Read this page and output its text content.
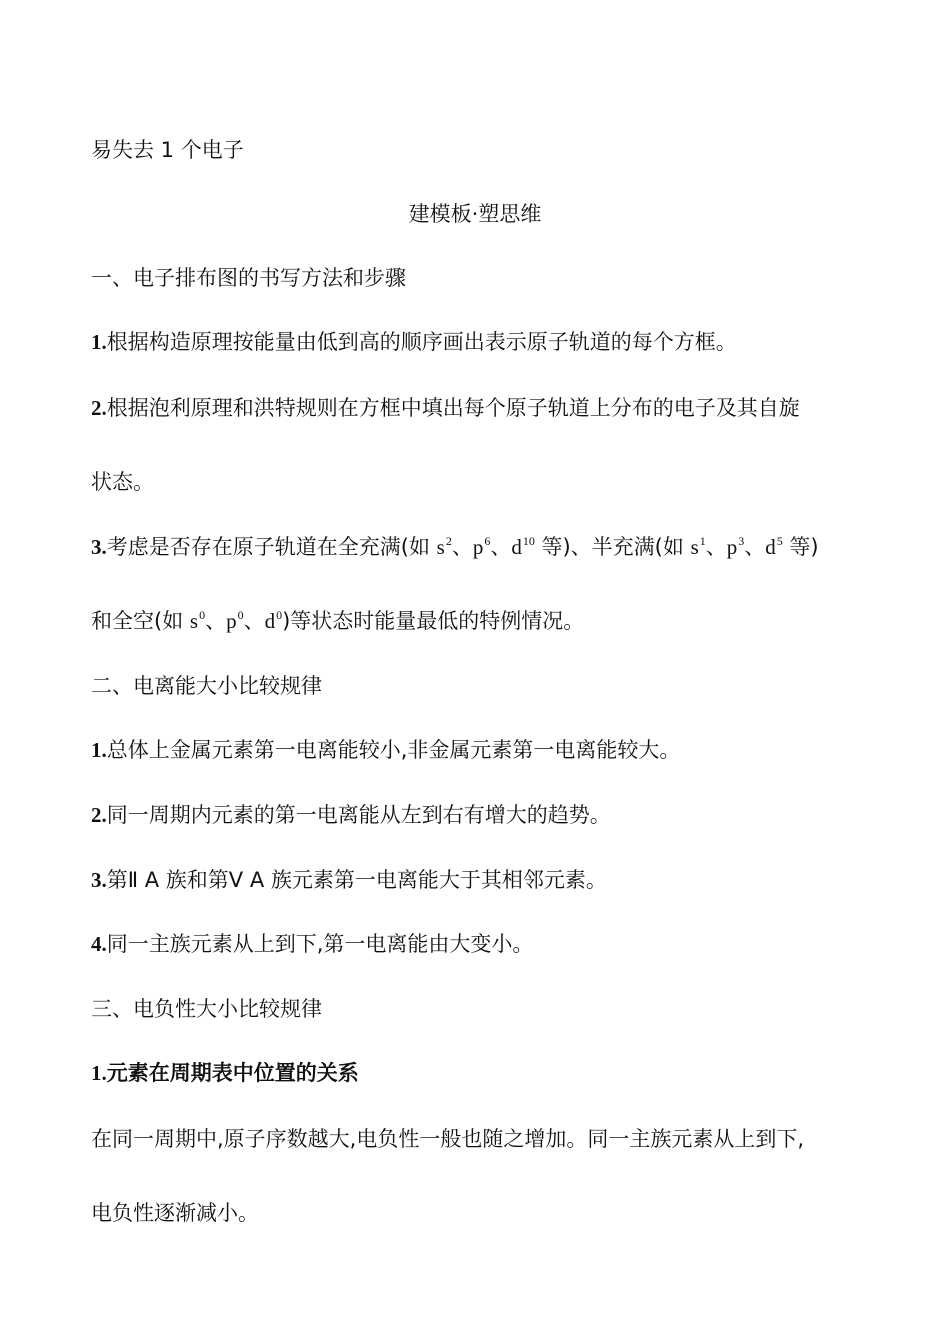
易失去 1 个电子
建模板·塑思维
一、电子排布图的书写方法和步骤
1.根据构造原理按能量由低到高的顺序画出表示原子轨道的每个方框。
2.根据泡利原理和洪特规则在方框中填出每个原子轨道上分布的电子及其自旋
状态。
3.考虑是否存在原子轨道在全充满(如 $s^2$、$p^6$、$d^{10}$ 等)、半充满(如 $s^1$、$p^3$、$d^5$ 等)
和全空(如 $s^0$、$p^0$、$d^0$)等状态时能量最低的特例情况。
二、电离能大小比较规律
1.总体上金属元素第一电离能较小,非金属元素第一电离能较大。
2.同一周期内元素的第一电离能从左到右有增大的趋势。
3.第Ⅱ A 族和第Ⅴ A 族元素第一电离能大于其相邻元素。
4.同一主族元素从上到下,第一电离能由大变小。
三、电负性大小比较规律
1.元素在周期表中位置的关系
在同一周期中,原子序数越大,电负性一般也随之增加。同一主族元素从上到下,
电负性逐渐减小。
